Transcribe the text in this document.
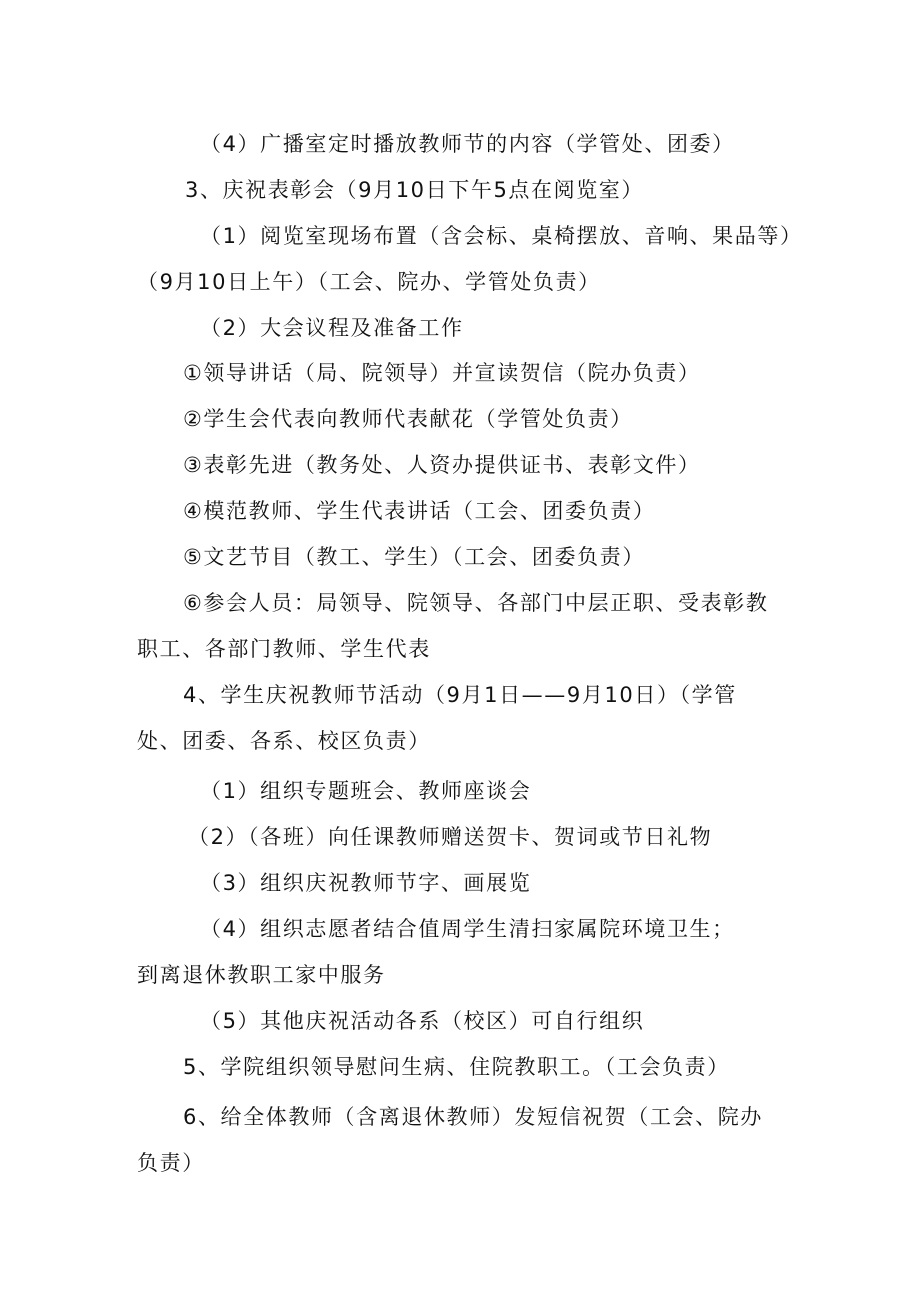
（4）广播室定时播放教师节的内容（学管处、团委）
3、庆祝表彰会（9月10日下午5点在阅览室）
（1）阅览室现场布置（含会标、桌椅摆放、音响、果品等）
（9月10日上午）（工会、院办、学管处负责）
（2）大会议程及准备工作
①领导讲话（局、院领导）并宣读贺信（院办负责）
②学生会代表向教师代表献花（学管处负责）
③表彰先进（教务处、人资办提供证书、表彰文件）
④模范教师、学生代表讲话（工会、团委负责）
⑤文艺节目（教工、学生）（工会、团委负责）
⑥参会人员：局领导、院领导、各部门中层正职、受表彰教
职工、各部门教师、学生代表
4、学生庆祝教师节活动（9月1日——9月10日）（学管
处、团委、各系、校区负责）
（1）组织专题班会、教师座谈会
（2）（各班）向任课教师赠送贺卡、贺词或节日礼物
（3）组织庆祝教师节字、画展览
（4）组织志愿者结合值周学生清扫家属院环境卫生；
到离退休教职工家中服务
（5）其他庆祝活动各系（校区）可自行组织
5、学院组织领导慰问生病、住院教职工。（工会负责）
6、给全体教师（含离退休教师）发短信祝贺（工会、院办
负责）
